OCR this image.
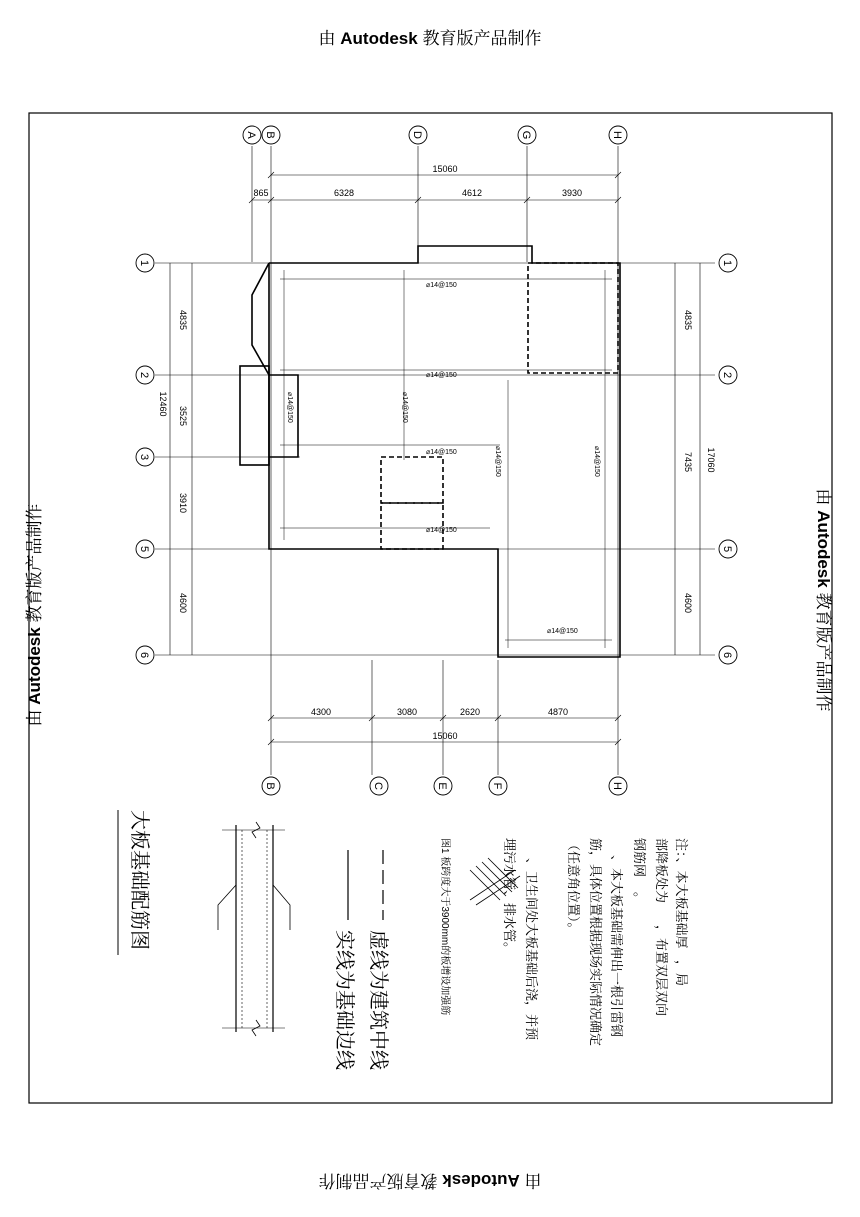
由 Autodesk 教育版产品制作
由 Autodesk 教育版产品制作
由 Autodesk 教育版产品制作
由 Autodesk 教育版产品制作
⌀14@150
⌀14@150
⌀14@150
⌀14@150
⌀14@150
⌀14@150	⌀14@150
⌀14@150	⌀14@150
15060
865	6328	4612	3930
4300	3080	2620	4870
15060
4835
3525
3910
4600
12460
4835
7435
4600
17060
A B	D	G	H
B	C	E	F	H
1
2
3
5
6
1
2
5
6
大板基础配筋图
虚线为建筑中线
实线为基础边线
注：、本大板基础厚
，局
部降板处为
，布置双层双向
钢筋网
。
、本大板基础需伸出一根引雷钢
筋，具体位置根据现场实际情况确定
（任意角位置）。
、卫生间处大板基础后浇，并预
埋污水管、排水管。
图1 板跨度大于3900mm的板增设加强筋
